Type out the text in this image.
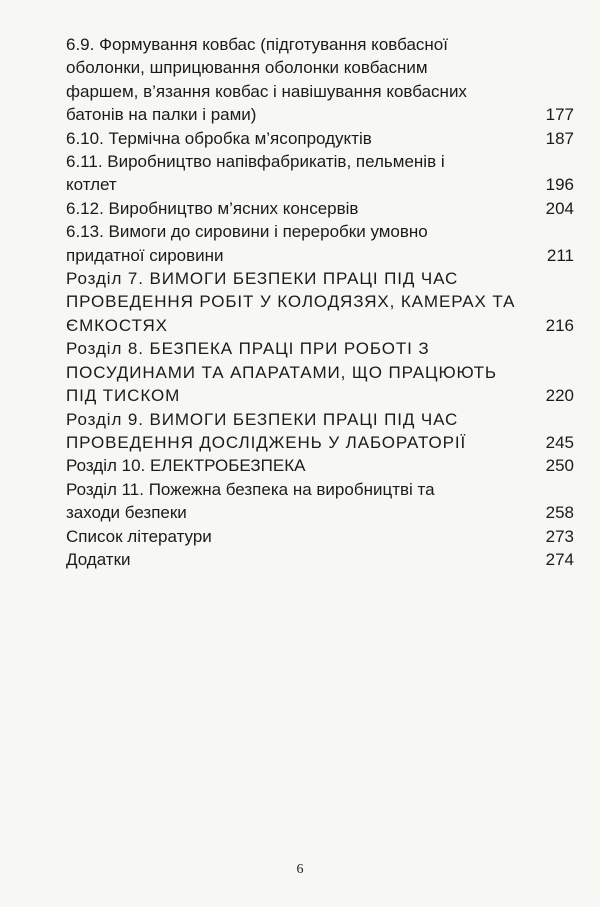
6.9. Формування ковбас (підготування ковбасної
оболонки, шприцювання оболонки ковбасним
фаршем, в’язання ковбас і навішування ковбасних
батонів на палки і рами)	177
6.10. Термічна обробка м’ясопродуктів	187
6.11. Виробництво напівфабрикатів, пельменів і
котлет	196
6.12. Виробництво м’ясних консервів	204
6.13. Вимоги до сировини і переробки умовно
придатної сировини	211
Розділ 7. ВИМОГИ БЕЗПЕКИ ПРАЦІ ПІД ЧАС
ПРОВЕДЕННЯ РОБІТ У КОЛОДЯЗЯХ, КАМЕРАХ ТА
ЄМКОСТЯХ	216
Розділ 8. БЕЗПЕКА ПРАЦІ ПРИ РОБОТІ З
ПОСУДИНАМИ ТА АПАРАТАМИ, ЩО ПРАЦЮЮТЬ
ПІД ТИСКОМ	220
Розділ 9. ВИМОГИ БЕЗПЕКИ ПРАЦІ ПІД ЧАС
ПРОВЕДЕННЯ ДОСЛІДЖЕНЬ У ЛАБОРАТОРІЇ	245
Розділ 10. ЕЛЕКТРОБЕЗПЕКА	250
Розділ 11. Пожежна безпека на виробництві та
заходи безпеки	258
Список літератури	273
Додатки	274
6
